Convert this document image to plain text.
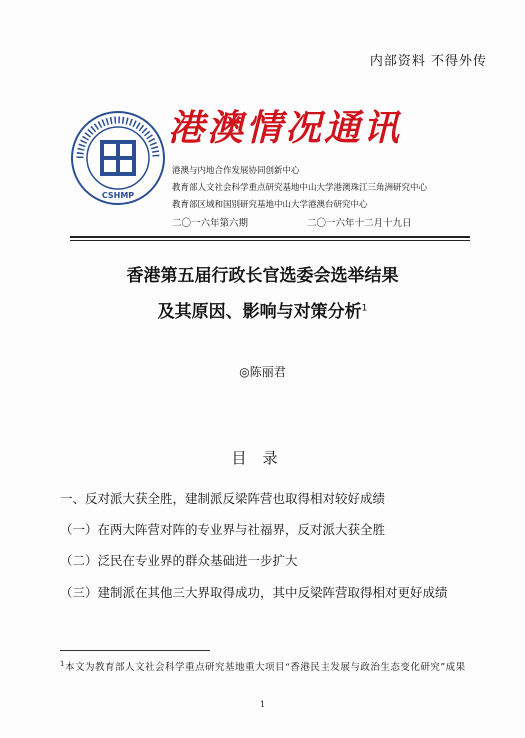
内部资料 不得外传
CSHMP
港澳情况通讯
港澳与内地合作发展协同创新中心
教育部人文社会科学重点研究基地中山大学港澳珠江三角洲研究中心
教育部区域和国别研究基地中山大学港澳台研究中心
二〇一六年第六期	二〇一六年十二月十九日
香港第五届行政长官选委会选举结果
及其原因、影响与对策分析$^1$
◎陈丽君
目录
一、反对派大获全胜，建制派反梁阵营也取得相对较好成绩
（一）在两大阵营对阵的专业界与社福界，反对派大获全胜
（二）泛民在专业界的群众基础进一步扩大
（三）建制派在其他三大界取得成功，其中反梁阵营取得相对更好成绩
$^1$本文为教育部人文社会科学重点研究基地重大项目“香港民主发展与政治生态变化研究”成果
1
